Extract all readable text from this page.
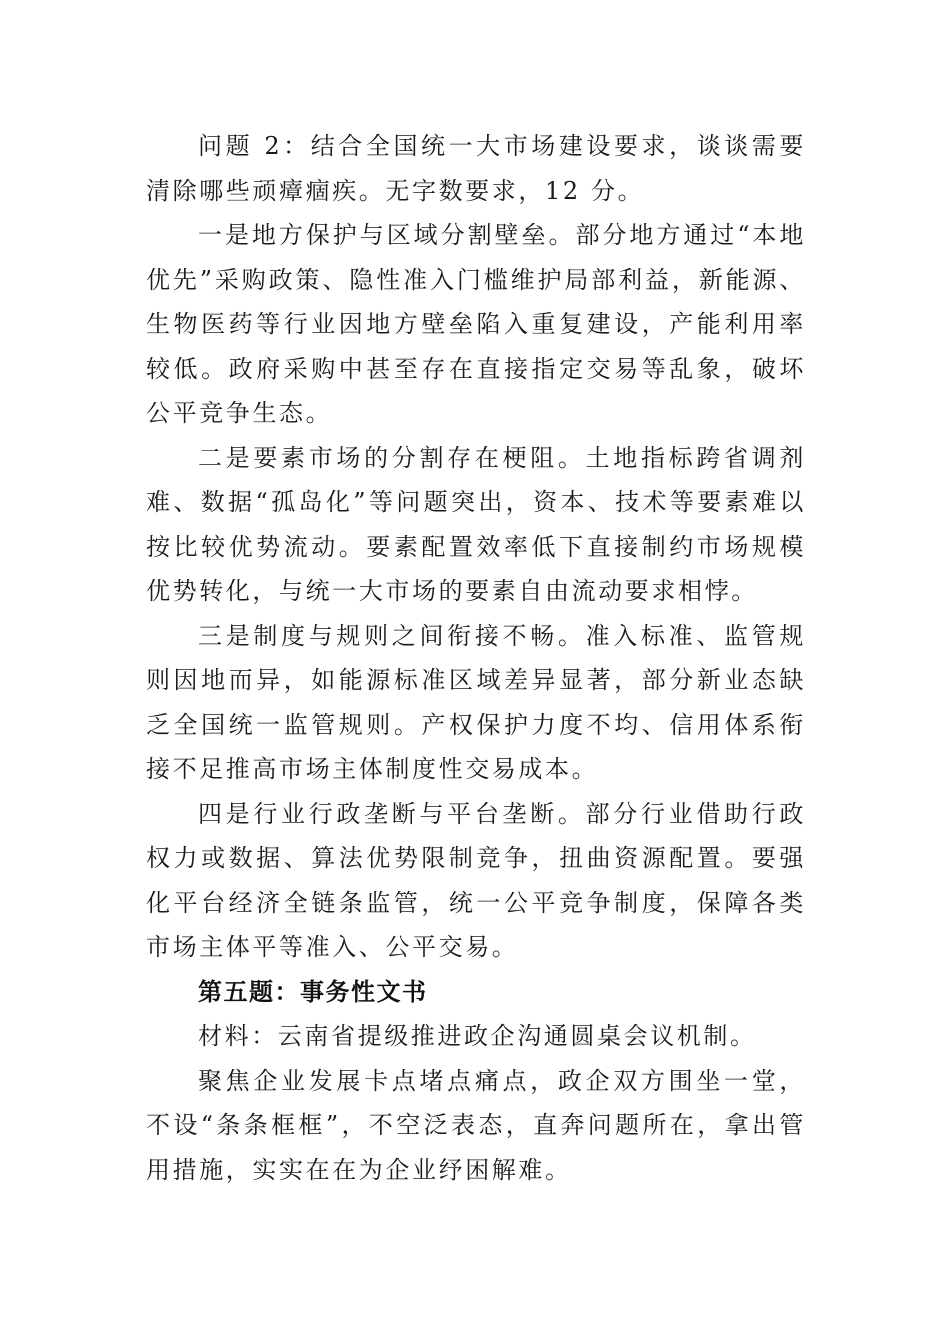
问题 2：结合全国统一大市场建设要求，谈谈需要清除哪些顽瘴痼疾。无字数要求，12 分。

一是地方保护与区域分割壁垒。部分地方通过“本地优先”采购政策、隐性准入门槛维护局部利益，新能源、生物医药等行业因地方壁垒陷入重复建设，产能利用率较低。政府采购中甚至存在直接指定交易等乱象，破坏公平竞争生态。

二是要素市场的分割存在梗阻。土地指标跨省调剂难、数据“孤岛化”等问题突出，资本、技术等要素难以按比较优势流动。要素配置效率低下直接制约市场规模优势转化，与统一大市场的要素自由流动要求相悖。

三是制度与规则之间衔接不畅。准入标准、监管规则因地而异，如能源标准区域差异显著，部分新业态缺乏全国统一监管规则。产权保护力度不均、信用体系衔接不足推高市场主体制度性交易成本。

四是行业行政垄断与平台垄断。部分行业借助行政权力或数据、算法优势限制竞争，扭曲资源配置。要强化平台经济全链条监管，统一公平竞争制度，保障各类市场主体平等准入、公平交易。

第五题：事务性文书

材料：云南省提级推进政企沟通圆桌会议机制。

聚焦企业发展卡点堵点痛点，政企双方围坐一堂，不设“条条框框”，不空泛表态，直奔问题所在，拿出管用措施，实实在在为企业纾困解难。
